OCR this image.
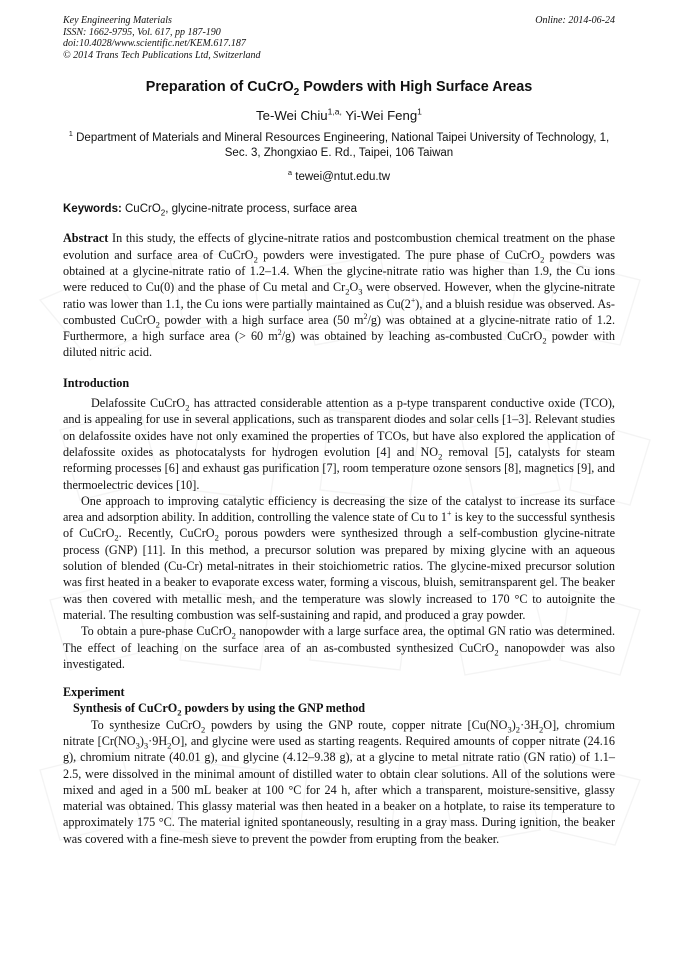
Key Engineering Materials
ISSN: 1662-9795, Vol. 617, pp 187-190
doi:10.4028/www.scientific.net/KEM.617.187
© 2014 Trans Tech Publications Ltd, Switzerland
Online: 2014-06-24
Preparation of CuCrO$_2$ Powders with High Surface Areas
Te-Wei Chiu$^{1,a,}$ Yi-Wei Feng$^1$
$^1$ Department of Materials and Mineral Resources Engineering, National Taipei University of Technology, 1, Sec. 3, Zhongxiao E. Rd., Taipei, 106 Taiwan
$^a$ tewei@ntut.edu.tw
Keywords: CuCrO$_2$, glycine-nitrate process, surface area

Abstract In this study, the effects of glycine-nitrate ratios and postcombustion chemical treatment on the phase evolution and surface area of CuCrO$_2$ powders were investigated. The pure phase of CuCrO$_2$ powders was obtained at a glycine-nitrate ratio of 1.2–1.4. When the glycine-nitrate ratio was higher than 1.9, the Cu ions were reduced to Cu(0) and the phase of Cu metal and $Cr_2O_3$ were observed. However, when the glycine-nitrate ratio was lower than 1.1, the Cu ions were partially maintained as Cu(2+), and a bluish residue was observed. As-combusted CuCrO$_2$ powder with a high surface area (50 $m^2/g$) was obtained at a glycine-nitrate ratio of 1.2. Furthermore, a high surface area (> 60 $m^2/g$) was obtained by leaching as-combusted CuCrO$_2$ powder with diluted nitric acid.

Introduction

Delafossite CuCrO$_2$ has attracted considerable attention as a p-type transparent conductive oxide (TCO), and is appealing for use in several applications, such as transparent diodes and solar cells [1–3]. Relevant studies on delafossite oxides have not only examined the properties of TCOs, but have also explored the application of delafossite oxides as photocatalysts for hydrogen evolution [4] and $NO_2$ removal [5], catalysts for steam reforming processes [6] and exhaust gas purification [7], room temperature ozone sensors [8], magnetics [9], and thermoelectric devices [10].

One approach to improving catalytic efficiency is decreasing the size of the catalyst to increase its surface area and adsorption ability. In addition, controlling the valence state of Cu to 1+ is key to the successful synthesis of CuCrO$_2$. Recently, CuCrO$_2$ porous powders were synthesized through a self-combustion glycine-nitrate process (GNP) [11]. In this method, a precursor solution was prepared by mixing glycine with an aqueous solution of blended (Cu-Cr) metal-nitrates in their stoichiometric ratios. The glycine-mixed precursor solution was first heated in a beaker to evaporate excess water, forming a viscous, bluish, semitransparent gel. The beaker was then covered with metallic mesh, and the temperature was slowly increased to 170 °C to autoignite the material. The resulting combustion was self-sustaining and rapid, and produced a gray powder.

To obtain a pure-phase CuCrO$_2$ nanopowder with a large surface area, the optimal GN ratio was determined. The effect of leaching on the surface area of an as-combusted synthesized CuCrO$_2$ nanopowder was also investigated.

Experiment
Synthesis of CuCrO$_2$ powders by using the GNP method

To synthesize CuCrO$_2$ powders by using the GNP route, copper nitrate $[Cu(NO_3)_2\cdot 3H_2O]$, chromium nitrate $[Cr(NO_3)_3\cdot 9H_2O]$, and glycine were used as starting reagents. Required amounts of copper nitrate (24.16 g), chromium nitrate (40.01 g), and glycine (4.12–9.38 g), at a glycine to metal nitrate ratio (GN ratio) of 1.1–2.5, were dissolved in the minimal amount of distilled water to obtain clear solutions. All of the solutions were mixed and aged in a 500 mL beaker at 100 °C for 24 h, after which a transparent, moisture-sensitive, glassy material was obtained. This glassy material was then heated in a beaker on a hotplate, to raise its temperature to approximately 175 °C. The material ignited spontaneously, resulting in a gray mass. During ignition, the beaker was covered with a fine-mesh sieve to prevent the powder from erupting from the beaker.
